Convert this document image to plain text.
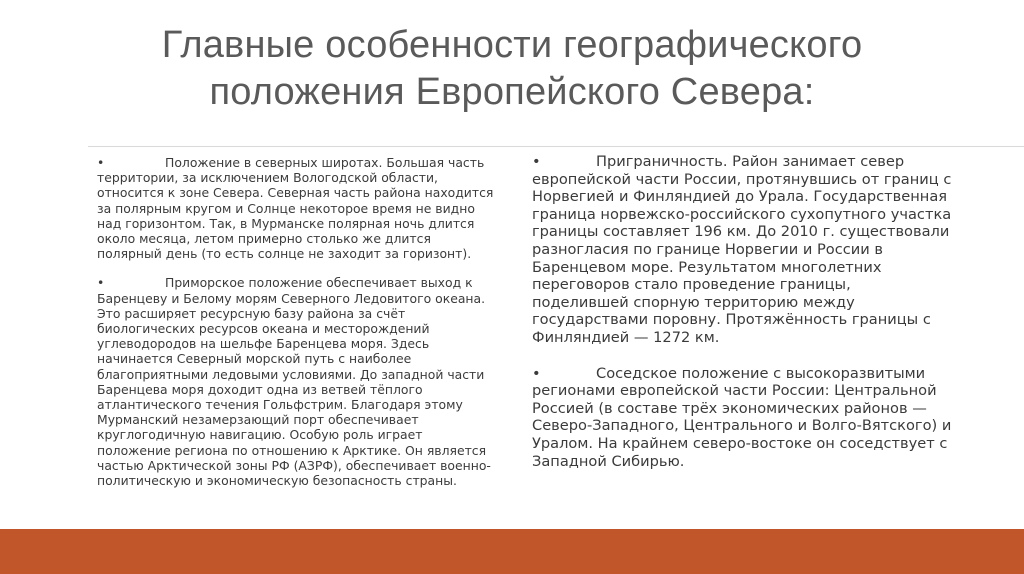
Главные особенности географического положения Европейского Севера:

•	Положение в северных широтах. Большая часть территории, за исключением Вологодской области, относится к зоне Севера. Северная часть района находится за полярным кругом и Солнце некоторое время не видно над горизонтом. Так, в Мурманске полярная ночь длится около месяца, летом примерно столько же длится полярный день (то есть солнце не заходит за горизонт).

•	Приморское положение обеспечивает выход к Баренцеву и Белому морям Северного Ледовитого океана. Это расширяет ресурсную базу района за счёт биологических ресурсов океана и месторождений углеводородов на шельфе Баренцева моря. Здесь начинается Северный морской путь с наиболее благоприятными ледовыми условиями. До западной части Баренцева моря доходит одна из ветвей тёплого атлантического течения Гольфстрим. Благодаря этому Мурманский незамерзающий порт обеспечивает круглогодичную навигацию. Особую роль играет положение региона по отношению к Арктике. Он является частью Арктической зоны РФ (АЗРФ), обеспечивает военно-политическую и экономическую безопасность страны.

•	Приграничность. Район занимает север европейской части России, протянувшись от границ с Норвегией и Финляндией до Урала. Государственная граница норвежско-российского сухопутного участка границы составляет 196 км. До 2010 г. существовали разногласия по границе Норвегии и России в Баренцевом море. Результатом многолетних переговоров стало проведение границы, поделившей спорную территорию между государствами поровну. Протяжённость границы с Финляндией — 1272 км.

•	Соседское положение с высокоразвитыми регионами европейской части России: Центральной Россией (в составе трёх экономических районов — Северо-Западного, Центрального и Волго-Вятского) и Уралом. На крайнем северо-востоке он соседствует с Западной Сибирью.
